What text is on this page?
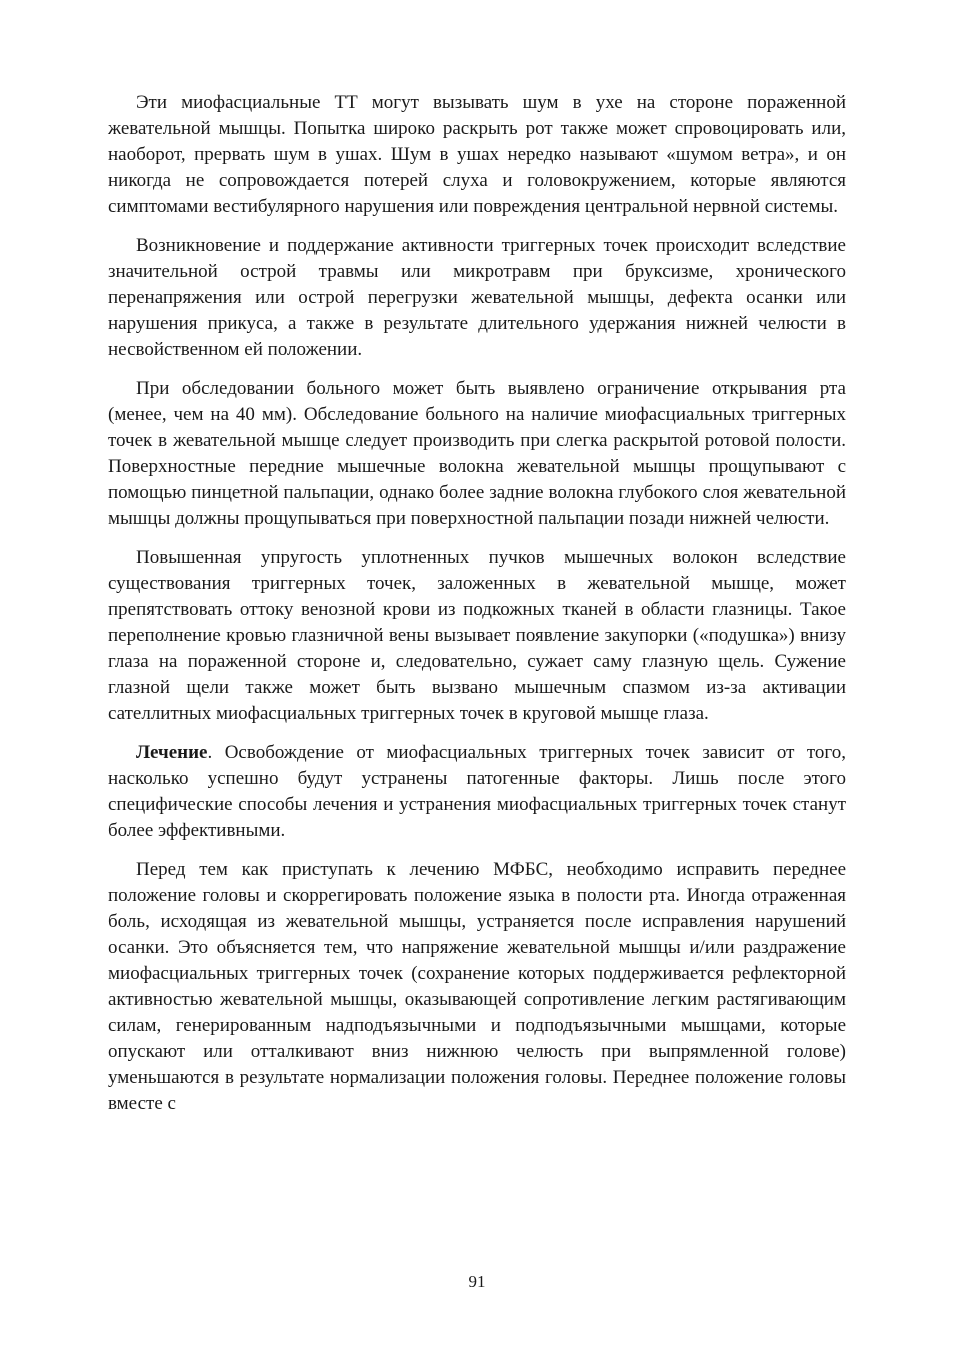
Эти миофасциальные ТТ могут вызывать шум в ухе на стороне пораженной жевательной мышцы. Попытка широко раскрыть рот также может спровоцировать или, наоборот, прервать шум в ушах. Шум в ушах нередко называют «шумом ветра», и он никогда не сопровождается потерей слуха и головокружением, которые являются симптомами вестибулярного нарушения или повреждения центральной нервной системы.

Возникновение и поддержание активности триггерных точек происходит вследствие значительной острой травмы или микротравм при бруксизме, хронического перенапряжения или острой перегрузки жевательной мышцы, дефекта осанки или нарушения прикуса, а также в результате длительного удержания нижней челюсти в несвойственном ей положении.

При обследовании больного может быть выявлено ограничение открывания рта (менее, чем на 40 мм). Обследование больного на наличие миофасциальных триггерных точек в жевательной мышце следует производить при слегка раскрытой ротовой полости. Поверхностные передние мышечные волокна жевательной мышцы прощупывают с помощью пинцетной пальпации, однако более задние волокна глубокого слоя жевательной мышцы должны прощупываться при поверхностной пальпации позади нижней челюсти.

Повышенная упругость уплотненных пучков мышечных волокон вследствие существования триггерных точек, заложенных в жевательной мышце, может препятствовать оттоку венозной крови из подкожных тканей в области глазницы. Такое переполнение кровью глазничной вены вызывает появление закупорки («подушка») внизу глаза на пораженной стороне и, следовательно, сужает саму глазную щель. Сужение глазной щели также может быть вызвано мышечным спазмом из-за активации сателлитных миофасциальных триггерных точек в круговой мышце глаза.

Лечение. Освобождение от миофасциальных триггерных точек зависит от того, насколько успешно будут устранены патогенные факторы. Лишь после этого специфические способы лечения и устранения миофасциальных триггерных точек станут более эффективными.

Перед тем как приступать к лечению МФБС, необходимо исправить переднее положение головы и скоррегировать положение языка в полости рта. Иногда отраженная боль, исходящая из жевательной мышцы, устраняется после исправления нарушений осанки. Это объясняется тем, что напряжение жевательной мышцы и/или раздражение миофасциальных триггерных точек (сохранение которых поддерживается рефлекторной активностью жевательной мышцы, оказывающей сопротивление легким растягивающим силам, генерированным надподъязычными и подподъязычными мышцами, которые опускают или отталкивают вниз нижнюю челюсть при выпрямленной голове) уменьшаются в результате нормализации положения головы. Переднее положение головы вместе с

91
